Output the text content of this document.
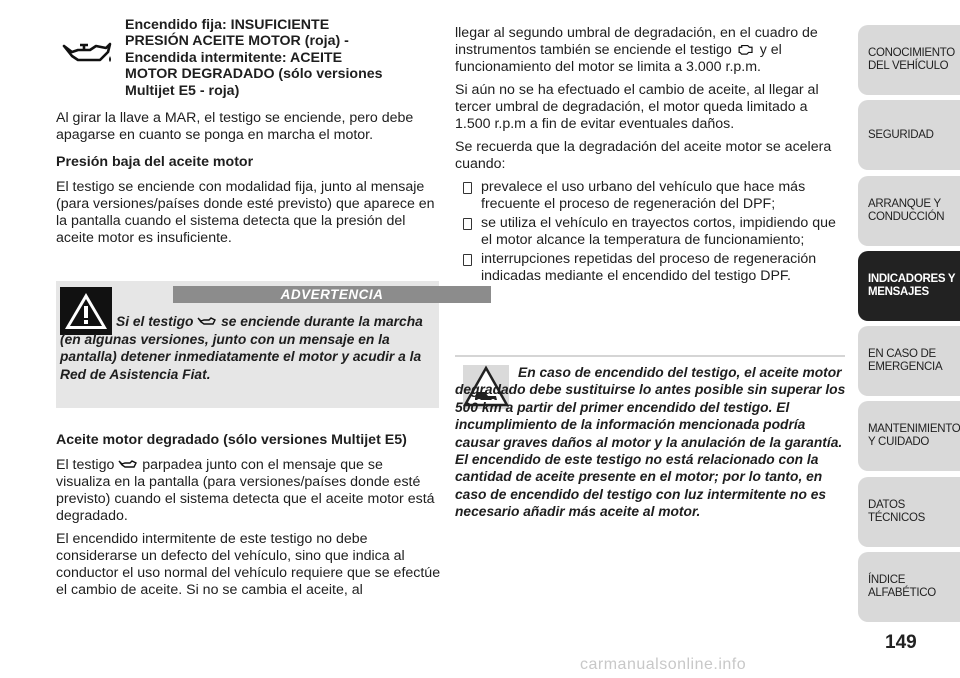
Encendido fija: INSUFICIENTE
PRESIÓN ACEITE MOTOR (roja) -
Encendida intermitente: ACEITE
MOTOR DEGRADADO (sólo versiones
Multijet E5 - roja)

Al girar la llave a MAR, el testigo se enciende, pero debe apagarse en cuanto se ponga en marcha el motor.

Presión baja del aceite motor

El testigo se enciende con modalidad fija, junto al mensaje (para versiones/países donde esté previsto) que aparece en la pantalla cuando el sistema detecta que la presión del aceite motor es insuficiente.

ADVERTENCIA
Si el testigo se enciende durante la marcha (en algunas versiones, junto con un mensaje en la pantalla) detener inmediatamente el motor y acudir a la Red de Asistencia Fiat.
Aceite motor degradado (sólo versiones Multijet E5)

El testigo parpadea junto con el mensaje que se visualiza en la pantalla (para versiones/países donde esté previsto) cuando el sistema detecta que el aceite motor está degradado.

El encendido intermitente de este testigo no debe considerarse un defecto del vehículo, sino que indica al conductor el uso normal del vehículo requiere que se efectúe el cambio de aceite. Si no se cambia el aceite, al

llegar al segundo umbral de degradación, en el cuadro de instrumentos también se enciende el testigo y el funcionamiento del motor se limita a 3.000 r.p.m.

Si aún no se ha efectuado el cambio de aceite, al llegar al tercer umbral de degradación, el motor queda limitado a 1.500 r.p.m a fin de evitar eventuales daños.

Se recuerda que la degradación del aceite motor se acelera cuando:

prevalece el uso urbano del vehículo que hace más frecuente el proceso de regeneración del DPF;
se utiliza el vehículo en trayectos cortos, impidiendo que el motor alcance la temperatura de funcionamiento;
interrupciones repetidas del proceso de regeneración indicadas mediante el encendido del testigo DPF.
En caso de encendido del testigo, el aceite motor degradado debe sustituirse lo antes posible sin superar los 500 km a partir del primer encendido del testigo. El incumplimiento de la información mencionada podría causar graves daños al motor y la anulación de la garantía. El encendido de este testigo no está relacionado con la cantidad de aceite presente en el motor; por lo tanto, en caso de encendido del testigo con luz intermitente no es necesario añadir más aceite al motor.
CONOCIMIENTO DEL VEHÍCULO
SEGURIDAD
ARRANQUE Y CONDUCCIÓN
INDICADORES Y MENSAJES
EN CASO DE EMERGENCIA
MANTENIMIENTO Y CUIDADO
DATOS TÉCNICOS
ÍNDICE ALFABÉTICO
149
carmanualsonline.info
